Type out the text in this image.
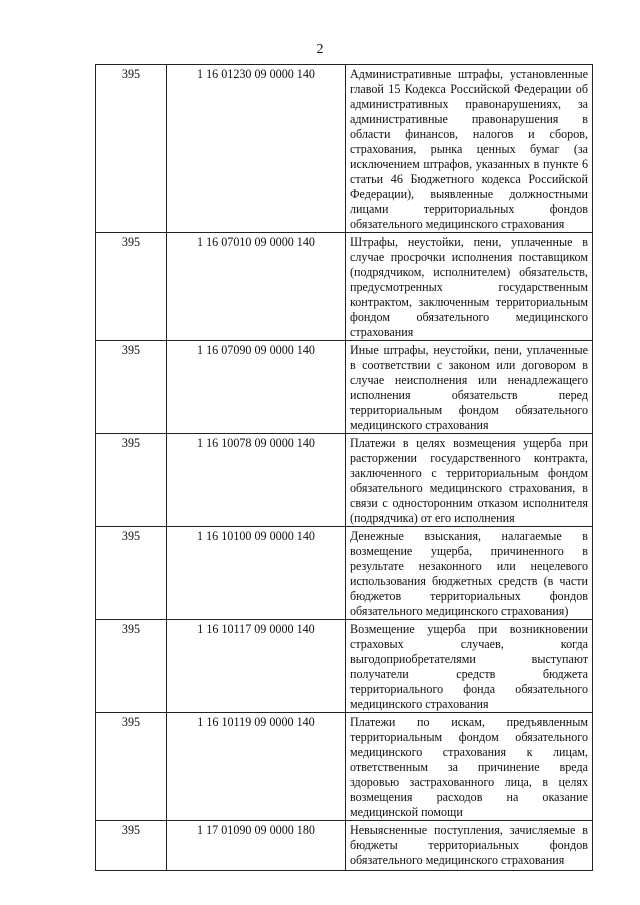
2
395	1 16 01230 09 0000 140	Административные штрафы, установленные главой 15 Кодекса Российской Федерации об административных правонарушениях, за административные правонарушения в области финансов, налогов и сборов, страхования, рынка ценных бумаг (за исключением штрафов, указанных в пункте 6 статьи 46 Бюджетного кодекса Российской Федерации), выявленные должностными лицами территориальных фондов обязательного медицинского страхования
395	1 16 07010 09 0000 140	Штрафы, неустойки, пени, уплаченные в случае просрочки исполнения поставщиком (подрядчиком, исполнителем) обязательств, предусмотренных государственным контрактом, заключенным территориальным фондом обязательного медицинского страхования
395	1 16 07090 09 0000 140	Иные штрафы, неустойки, пени, уплаченные в соответствии с законом или договором в случае неисполнения или ненадлежащего исполнения обязательств перед территориальным фондом обязательного медицинского страхования
395	1 16 10078 09 0000 140	Платежи в целях возмещения ущерба при расторжении государственного контракта, заключенного с территориальным фондом обязательного медицинского страхования, в связи с односторонним отказом исполнителя (подрядчика) от его исполнения
395	1 16 10100 09 0000 140	Денежные взыскания, налагаемые в возмещение ущерба, причиненного в результате незаконного или нецелевого использования бюджетных средств (в части бюджетов территориальных фондов обязательного медицинского страхования)
395	1 16 10117 09 0000 140	Возмещение ущерба при возникновении страховых случаев, когда выгодоприобретателями выступают получатели средств бюджета территориального фонда обязательного медицинского страхования
395	1 16 10119 09 0000 140	Платежи по искам, предъявленным территориальным фондом обязательного медицинского страхования к лицам, ответственным за причинение вреда здоровью застрахованного лица, в целях возмещения расходов на оказание медицинской помощи
395	1 17 01090 09 0000 180	Невыясненные поступления, зачисляемые в бюджеты территориальных фондов обязательного медицинского страхования
